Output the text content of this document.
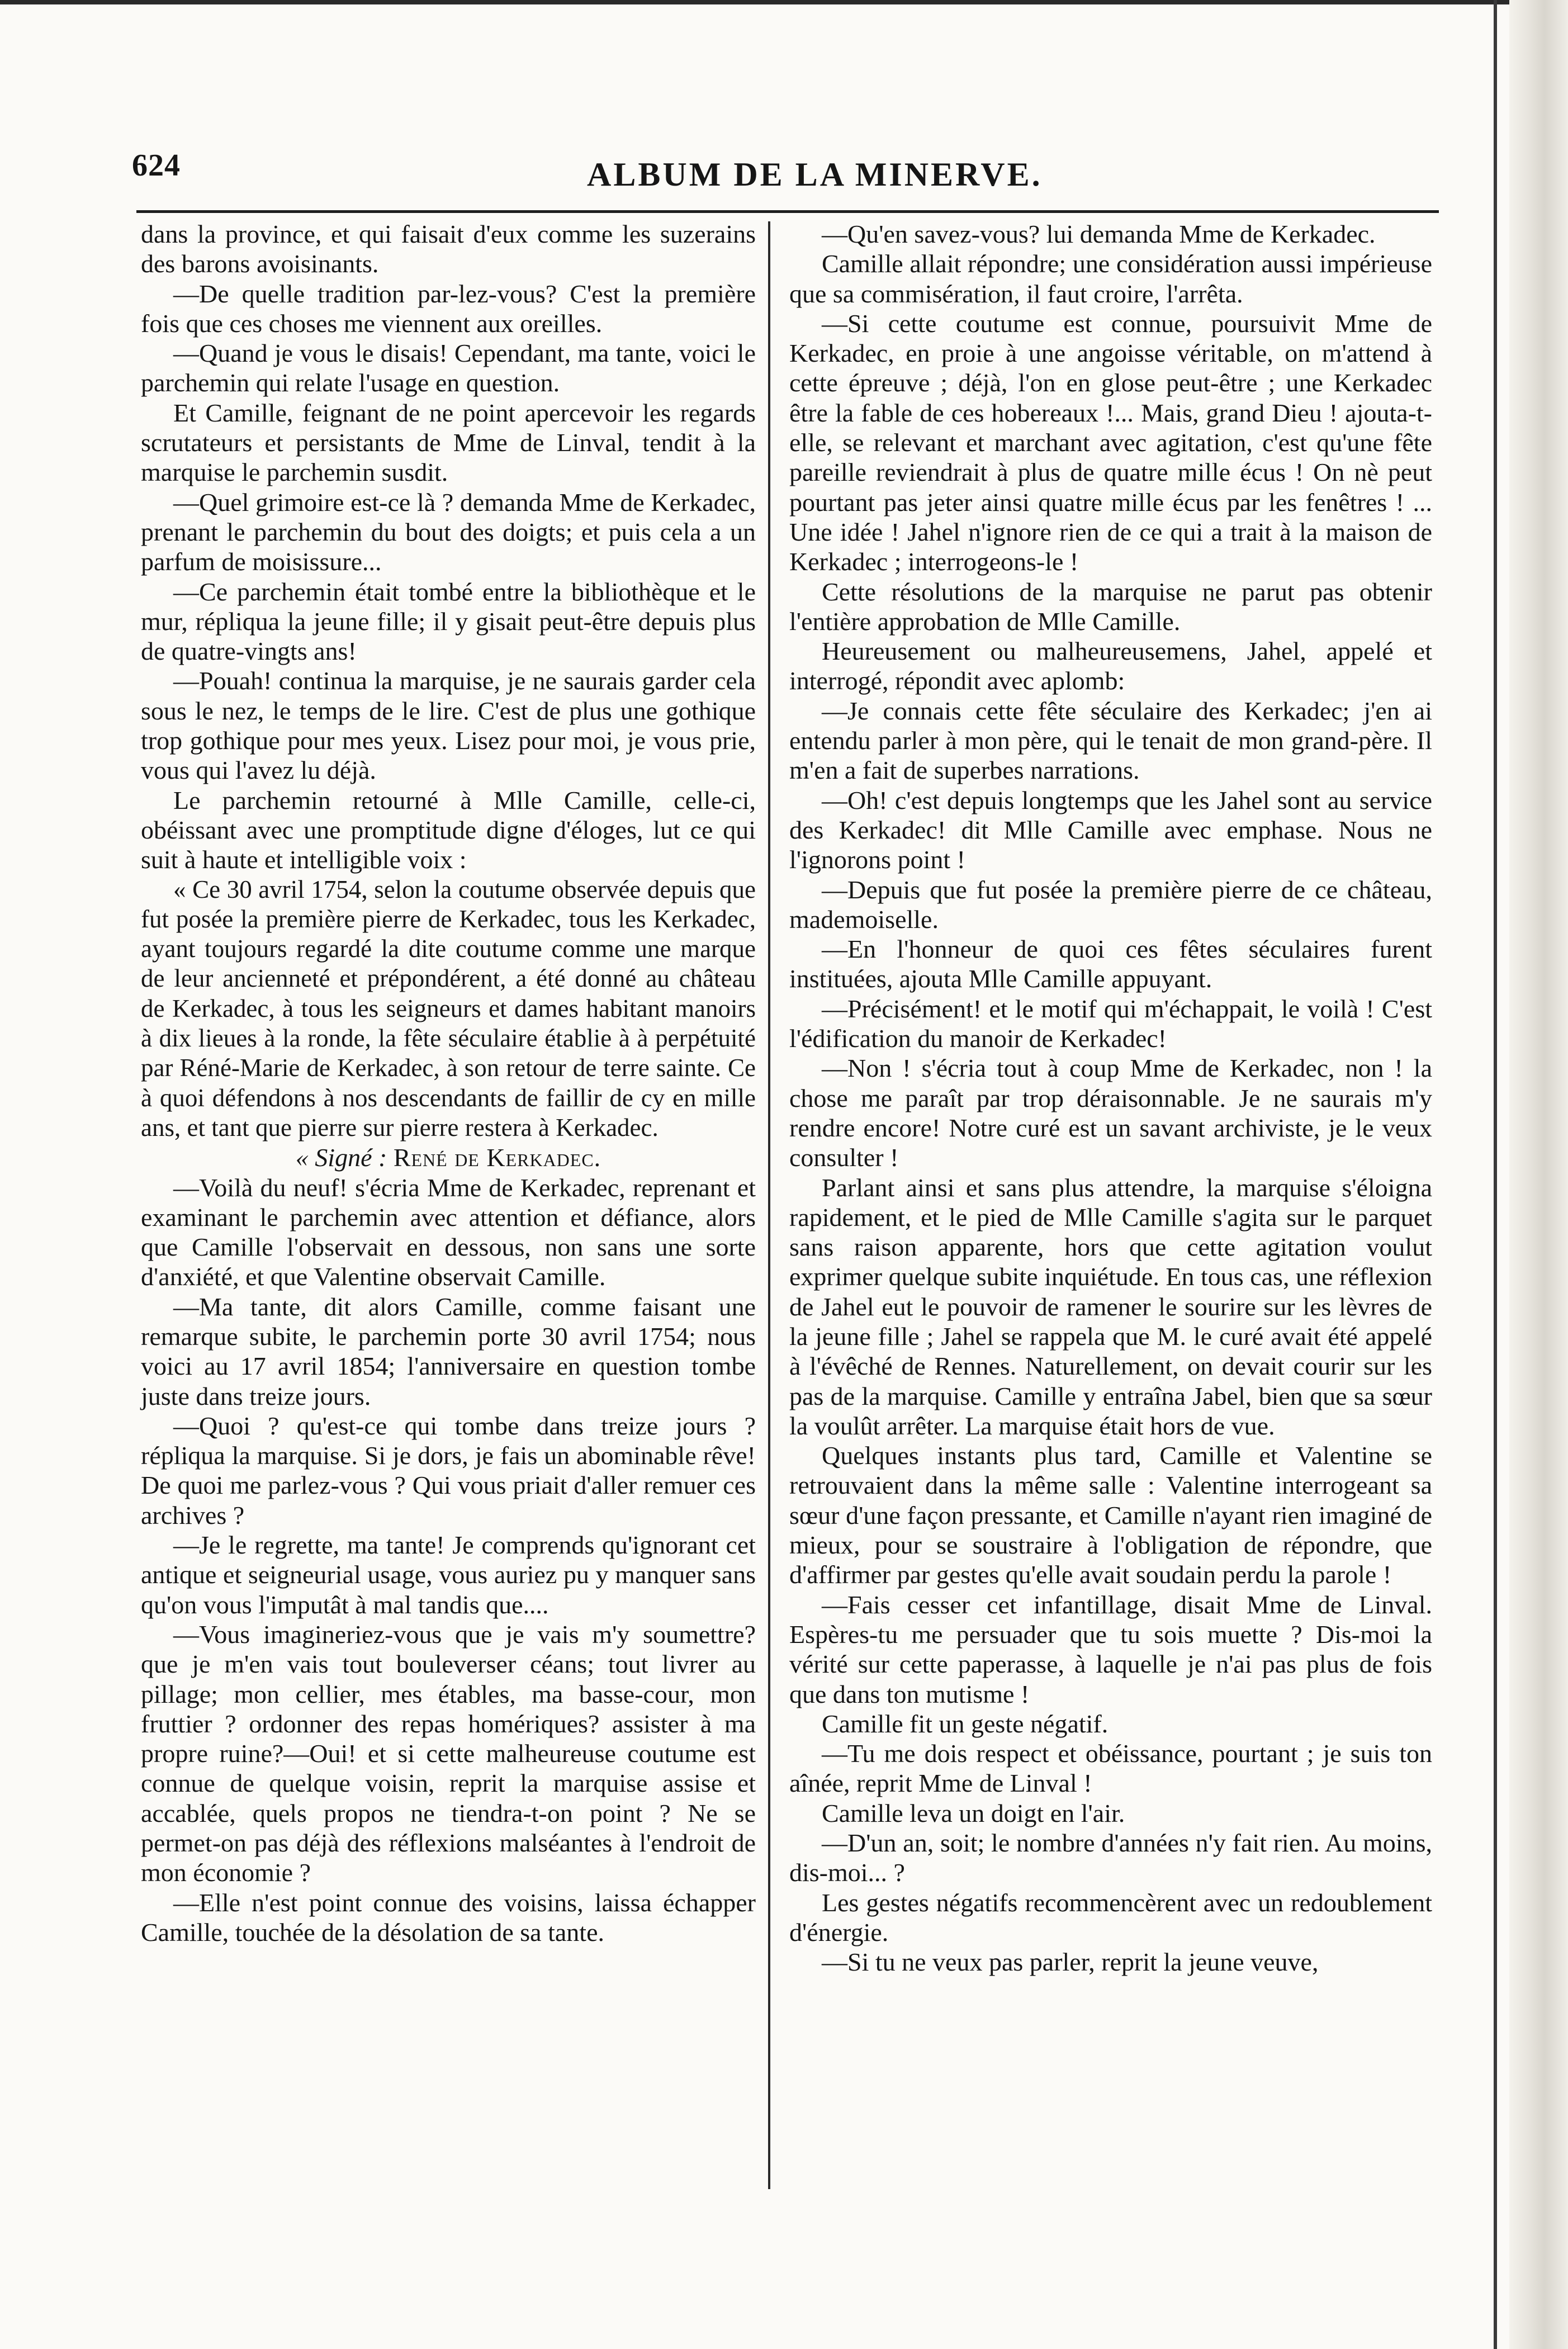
624	ALBUM DE LA MINERVE.

dans la province, et qui faisait d'eux comme les suzerains des barons avoisinants.

—De quelle tradition par-lez-vous? C'est la première fois que ces choses me viennent aux oreilles.

—Quand je vous le disais! Cependant, ma tante, voici le parchemin qui relate l'usage en question.

Et Camille, feignant de ne point apercevoir les regards scrutateurs et persistants de Mme de Linval, tendit à la marquise le parchemin susdit.

—Quel grimoire est-ce là ? demanda Mme de Kerkadec, prenant le parchemin du bout des doigts; et puis cela a un parfum de moisissure...

—Ce parchemin était tombé entre la bibliothèque et le mur, répliqua la jeune fille; il y gisait peut-être depuis plus de quatre-vingts ans!

—Pouah! continua la marquise, je ne saurais garder cela sous le nez, le temps de le lire. C'est de plus une gothique trop gothique pour mes yeux. Lisez pour moi, je vous prie, vous qui l'avez lu déjà.

Le parchemin retourné à Mlle Camille, celle-ci, obéissant avec une promptitude digne d'éloges, lut ce qui suit à haute et intelligible voix :

« Ce 30 avril 1754, selon la coutume observée depuis que fut posée la première pierre de Kerkadec, tous les Kerkadec, ayant toujours regardé la dite coutume comme une marque de leur ancienneté et prépondérent, a été donné au château de Kerkadec, à tous les seigneurs et dames habitant manoirs à dix lieues à la ronde, la fête séculaire établie à à perpétuité par Réné-Marie de Kerkadec, à son retour de terre sainte. Ce à quoi défendons à nos descendants de faillir de cy en mille ans, et tant que pierre sur pierre restera à Kerkadec.

« Signé : René de Kerkadec.

—Voilà du neuf! s'écria Mme de Kerkadec, reprenant et examinant le parchemin avec attention et défiance, alors que Camille l'observait en dessous, non sans une sorte d'anxiété, et que Valentine observait Camille.

—Ma tante, dit alors Camille, comme faisant une remarque subite, le parchemin porte 30 avril 1754; nous voici au 17 avril 1854; l'anniversaire en question tombe juste dans treize jours.

—Quoi ? qu'est-ce qui tombe dans treize jours ? répliqua la marquise. Si je dors, je fais un abominable rêve! De quoi me parlez-vous ? Qui vous priait d'aller remuer ces archives ?

—Je le regrette, ma tante! Je comprends qu'ignorant cet antique et seigneurial usage, vous auriez pu y manquer sans qu'on vous l'imputât à mal tandis que....

—Vous imagineriez-vous que je vais m'y soumettre? que je m'en vais tout bouleverser céans; tout livrer au pillage; mon cellier, mes étables, ma basse-cour, mon fruttier ? ordonner des repas homériques? assister à ma propre ruine?—Oui! et si cette malheureuse coutume est connue de quelque voisin, reprit la marquise assise et accablée, quels propos ne tiendra-t-on point ? Ne se permet-on pas déjà des réflexions malséantes à l'endroit de mon économie ?

—Elle n'est point connue des voisins, laissa échapper Camille, touchée de la désolation de sa tante.

—Qu'en savez-vous? lui demanda Mme de Kerkadec.

Camille allait répondre; une considération aussi impérieuse que sa commisération, il faut croire, l'arrêta.

—Si cette coutume est connue, poursuivit Mme de Kerkadec, en proie à une angoisse véritable, on m'attend à cette épreuve ; déjà, l'on en glose peut-être ; une Kerkadec être la fable de ces hobereaux !... Mais, grand Dieu ! ajouta-t-elle, se relevant et marchant avec agitation, c'est qu'une fête pareille reviendrait à plus de quatre mille écus ! On nè peut pourtant pas jeter ainsi quatre mille écus par les fenêtres ! ... Une idée ! Jahel n'ignore rien de ce qui a trait à la maison de Kerkadec ; interrogeons-le !

Cette résolutions de la marquise ne parut pas obtenir l'entière approbation de Mlle Camille.

Heureusement ou malheureusemens, Jahel, appelé et interrogé, répondit avec aplomb:

—Je connais cette fête séculaire des Kerkadec; j'en ai entendu parler à mon père, qui le tenait de mon grand-père. Il m'en a fait de superbes narrations.

—Oh! c'est depuis longtemps que les Jahel sont au service des Kerkadec! dit Mlle Camille avec emphase. Nous ne l'ignorons point !

—Depuis que fut posée la première pierre de ce château, mademoiselle.

—En l'honneur de quoi ces fêtes séculaires furent instituées, ajouta Mlle Camille appuyant.

—Précisément! et le motif qui m'échappait, le voilà ! C'est l'édification du manoir de Kerkadec!

—Non ! s'écria tout à coup Mme de Kerkadec, non ! la chose me paraît par trop déraisonnable. Je ne saurais m'y rendre encore! Notre curé est un savant archiviste, je le veux consulter !

Parlant ainsi et sans plus attendre, la marquise s'éloigna rapidement, et le pied de Mlle Camille s'agita sur le parquet sans raison apparente, hors que cette agitation voulut exprimer quelque subite inquiétude. En tous cas, une réflexion de Jahel eut le pouvoir de ramener le sourire sur les lèvres de la jeune fille ; Jahel se rappela que M. le curé avait été appelé à l'évêché de Rennes. Naturellement, on devait courir sur les pas de la marquise. Camille y entraîna Jabel, bien que sa sœur la voulût arrêter. La marquise était hors de vue.

Quelques instants plus tard, Camille et Valentine se retrouvaient dans la même salle : Valentine interrogeant sa sœur d'une façon pressante, et Camille n'ayant rien imaginé de mieux, pour se soustraire à l'obligation de répondre, que d'affirmer par gestes qu'elle avait soudain perdu la parole !

—Fais cesser cet infantillage, disait Mme de Linval. Espères-tu me persuader que tu sois muette ? Dis-moi la vérité sur cette paperasse, à laquelle je n'ai pas plus de fois que dans ton mutisme !

Camille fit un geste négatif.

—Tu me dois respect et obéissance, pourtant ; je suis ton aînée, reprit Mme de Linval !

Camille leva un doigt en l'air.

—D'un an, soit; le nombre d'années n'y fait rien. Au moins, dis-moi... ?

Les gestes négatifs recommencèrent avec un redoublement d'énergie.

—Si tu ne veux pas parler, reprit la jeune veuve,
